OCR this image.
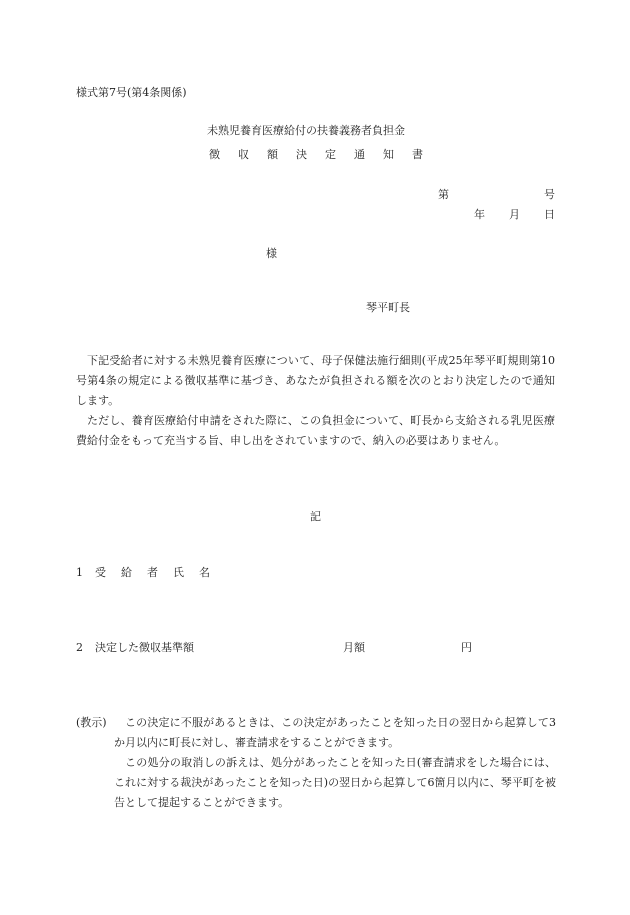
様式第7号(第4条関係)
未熟児養育医療給付の扶養義務者負担金
徴 収 額 決 定 通 知 書
第	号
年 月 日
様
琴平町長
下記受給者に対する未熟児養育医療について、母子保健法施行細則(平成25年琴平町規則第10号第4条の規定による徴収基準に基づき、あなたが負担される額を次のとおり決定したので通知します。
ただし、養育医療給付申請をされた際に、この負担金について、町長から支給される乳児医療費給付金をもって充当する旨、申し出をされていますので、納入の必要はありません。
記
1 受 給 者 氏 名
2 決定した徴収基準額	月額	円
(教示)	この決定に不服があるときは、この決定があったことを知った日の翌日から起算して3か月以内に町長に対し、審査請求をすることができます。
この処分の取消しの訴えは、処分があったことを知った日(審査請求をした場合には、これに対する裁決があったことを知った日)の翌日から起算して6箇月以内に、琴平町を被告として提起することができます。
